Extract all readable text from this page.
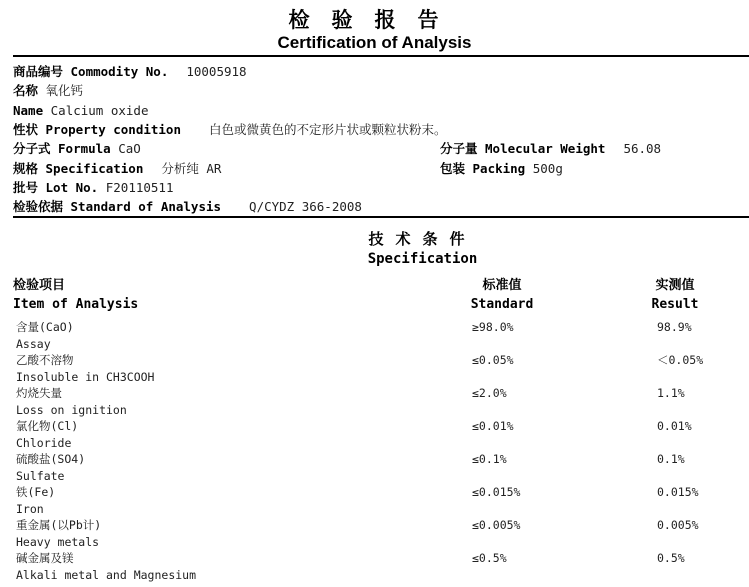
检验报告
Certification of Analysis
商品编号 Commodity No. 10005918
名称 氧化钙
Name Calcium oxide
性状 Property condition 白色或微黄色的不定形片状或颗粒状粉末。
分子式 Formula CaO	分子量 Molecular Weight 56.08
规格 Specification 分析纯 AR	包装 Packing 500g
批号 Lot No. F20110511
检验依据 Standard of Analysis Q/CYDZ 366-2008
技术条件
Specification
检验项目
Item of Analysis
标准值
Standard
实测值
Result
含量(CaO)
Assay
≥98.0%	98.9%
乙酸不溶物
Insoluble in CH3COOH
≤0.05%	＜0.05%
灼烧失量
Loss on ignition
≤2.0%	1.1%
氯化物(Cl)
Chloride
≤0.01%	0.01%
硫酸盐(SO4)
Sulfate
≤0.1%	0.1%
铁(Fe)
Iron
≤0.015%	0.015%
重金属(以Pb计)
Heavy metals
≤0.005%	0.005%
碱金属及镁
Alkali metal and Magnesium
≤0.5%	0.5%
